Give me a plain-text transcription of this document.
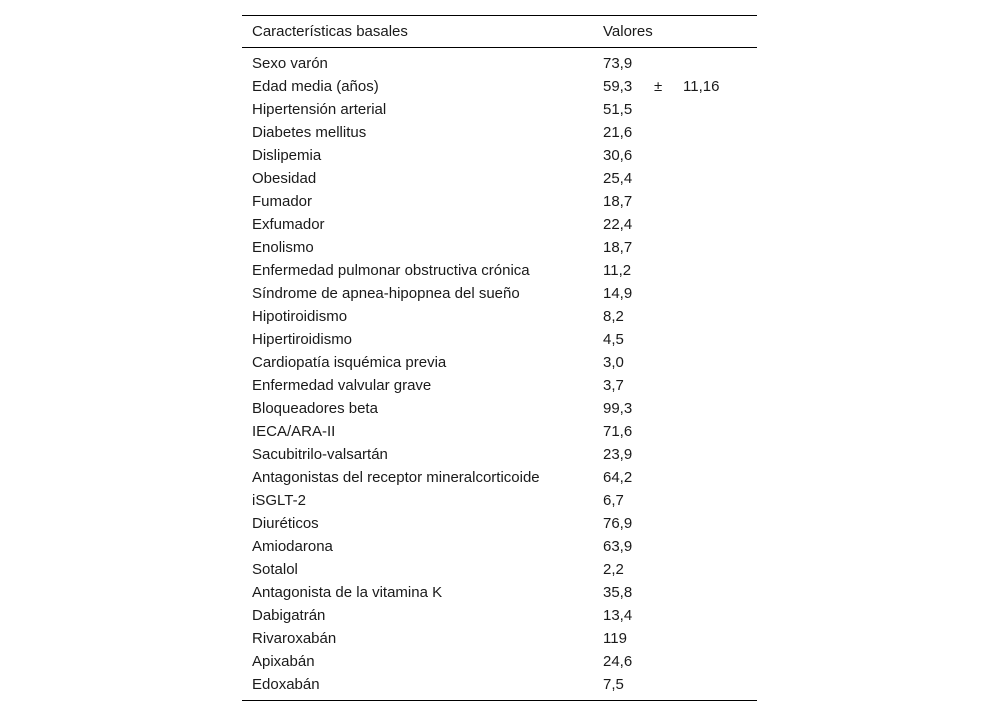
Características basales	Valores
Sexo varón	73,9
Edad media (años)	59,3 ± 11,16
Hipertensión arterial	51,5
Diabetes mellitus	21,6
Dislipemia	30,6
Obesidad	25,4
Fumador	18,7
Exfumador	22,4
Enolismo	18,7
Enfermedad pulmonar obstructiva crónica	11,2
Síndrome de apnea-hipopnea del sueño	14,9
Hipotiroidismo	8,2
Hipertiroidismo	4,5
Cardiopatía isquémica previa	3,0
Enfermedad valvular grave	3,7
Bloqueadores beta	99,3
IECA/ARA-II	71,6
Sacubitrilo-valsartán	23,9
Antagonistas del receptor mineralcorticoide	64,2
iSGLT-2	6,7
Diuréticos	76,9
Amiodarona	63,9
Sotalol	2,2
Antagonista de la vitamina K	35,8
Dabigatrán	13,4
Rivaroxabán	119
Apixabán	24,6
Edoxabán	7,5
